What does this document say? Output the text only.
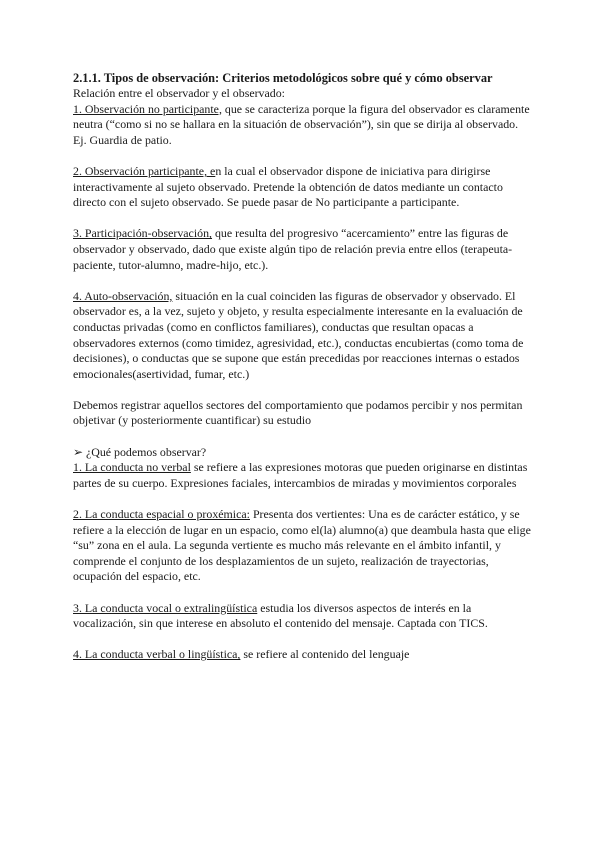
2.1.1. Tipos de observación: Criterios metodológicos sobre qué y cómo observar

Relación entre el observador y el observado:

1. Observación no participante, que se caracteriza porque la figura del observador es claramente neutra (“como si no se hallara en la situación de observación”), sin que se dirija al observado. Ej. Guardia de patio.

2. Observación participante, en la cual el observador dispone de iniciativa para dirigirse interactivamente al sujeto observado. Pretende la obtención de datos mediante un contacto directo con el sujeto observado. Se puede pasar de No participante a participante.

3. Participación-observación, que resulta del progresivo “acercamiento” entre las figuras de observador y observado, dado que existe algún tipo de relación previa entre ellos (terapeuta-paciente, tutor-alumno, madre-hijo, etc.).

4. Auto-observación, situación en la cual coinciden las figuras de observador y observado. El observador es, a la vez, sujeto y objeto, y resulta especialmente interesante en la evaluación de conductas privadas (como en conflictos familiares), conductas que resultan opacas a observadores externos (como timidez, agresividad, etc.), conductas encubiertas (como toma de decisiones), o conductas que se supone que están precedidas por reacciones internas o estados emocionales(asertividad, fumar, etc.)

Debemos registrar aquellos sectores del comportamiento que podamos percibir y nos permitan objetivar (y posteriormente cuantificar) su estudio

➢ ¿Qué podemos observar?

1. La conducta no verbal se refiere a las expresiones motoras que pueden originarse en distintas partes de su cuerpo. Expresiones faciales, intercambios de miradas y movimientos corporales

2. La conducta espacial o proxémica: Presenta dos vertientes: Una es de carácter estático, y se refiere a la elección de lugar en un espacio, como el(la) alumno(a) que deambula hasta que elige “su” zona en el aula. La segunda vertiente es mucho más relevante en el ámbito infantil, y comprende el conjunto de los desplazamientos de un sujeto, realización de trayectorias, ocupación del espacio, etc.

3. La conducta vocal o extralingüística estudia los diversos aspectos de interés en la vocalización, sin que interese en absoluto el contenido del mensaje. Captada con TICS.

4. La conducta verbal o lingüística, se refiere al contenido del lenguaje
